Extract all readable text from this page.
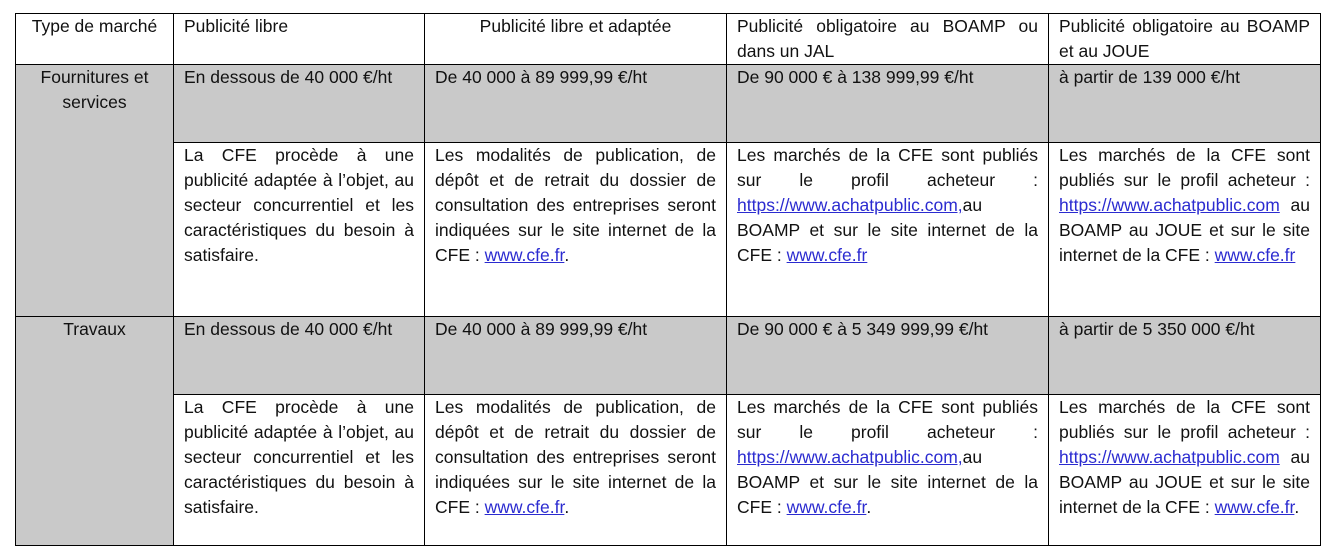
Type de marché	Publicité libre	Publicité libre et adaptée	Publicité obligatoire au BOAMP ou dans un JAL	Publicité obligatoire au BOAMP et au JOUE
Fournitures et services	En dessous de 40 000 €/ht	De 40 000 à 89 999,99 €/ht	De 90 000 € à 138 999,99 €/ht	à partir de 139 000 €/ht
	La CFE procède à une publicité adaptée à l’objet, au secteur concurrentiel et les caractéristiques du besoin à satisfaire.	Les modalités de publication, de dépôt et de retrait du dossier de consultation des entreprises seront indiquées sur le site internet de la CFE : www.cfe.fr.	Les marchés de la CFE sont publiés sur le profil acheteur : https://www.achatpublic.com,au BOAMP et sur le site internet de la CFE : www.cfe.fr	Les marchés de la CFE sont publiés sur le profil acheteur : https://www.achatpublic.com au BOAMP au JOUE et sur le site internet de la CFE : www.cfe.fr
Travaux	En dessous de 40 000 €/ht	De 40 000 à 89 999,99 €/ht	De 90 000 € à 5 349 999,99 €/ht	à partir de 5 350 000 €/ht
	La CFE procède à une publicité adaptée à l’objet, au secteur concurrentiel et les caractéristiques du besoin à satisfaire.	Les modalités de publication, de dépôt et de retrait du dossier de consultation des entreprises seront indiquées sur le site internet de la CFE : www.cfe.fr.	Les marchés de la CFE sont publiés sur le profil acheteur : https://www.achatpublic.com,au BOAMP et sur le site internet de la CFE : www.cfe.fr.	Les marchés de la CFE sont publiés sur le profil acheteur : https://www.achatpublic.com au BOAMP au JOUE et sur le site internet de la CFE : www.cfe.fr.
